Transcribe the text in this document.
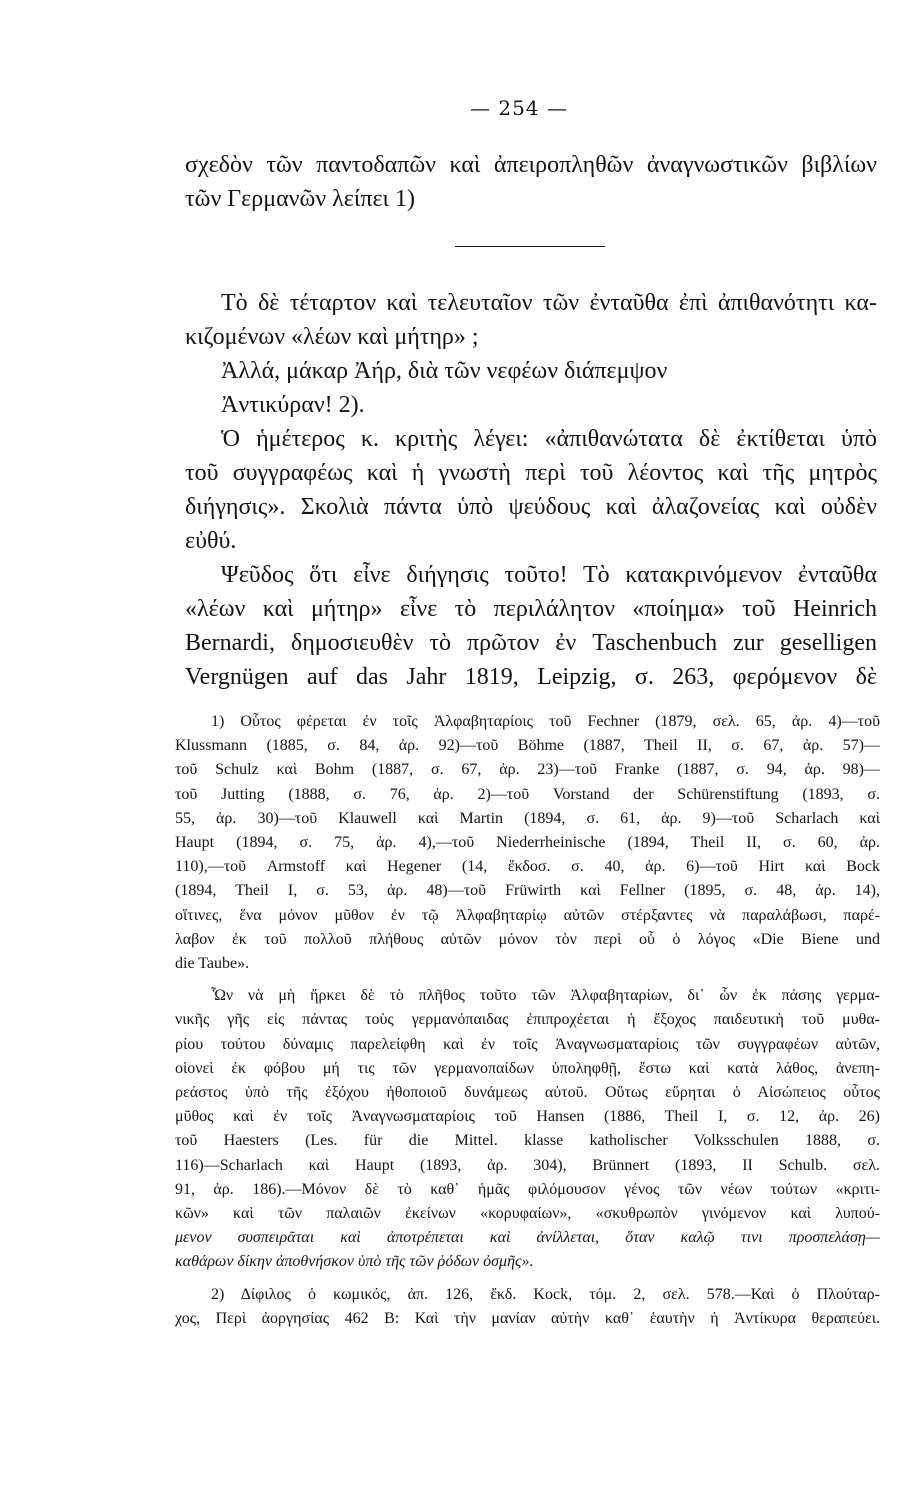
— 254 —
σχεδὸν τῶν παντοδαπῶν καὶ ἀπειροπληθῶν ἀναγνωστικῶν βιβλίων
τῶν Γερμανῶν λείπει 1)
Τὸ δὲ τέταρτον καὶ τελευταῖον τῶν ἐνταῦθα ἐπὶ ἀπιθανότητι κα-
κιζομένων «λέων καὶ μήτηρ» ;
Ἀλλά, μάκαρ Ἀήρ, διὰ τῶν νεφέων διάπεμψον
Ἀντικύραν! 2).
Ὁ ἡμέτερος κ. κριτὴς λέγει: «ἀπιθανώτατα δὲ ἐκτίθεται ὑπὸ
τοῦ συγγραφέως καὶ ἡ γνωστὴ περὶ τοῦ λέοντος καὶ τῆς μητρὸς
διήγησις». Σκολιὰ πάντα ὑπὸ ψεύδους καὶ ἀλαζονείας καὶ οὐδὲν
εὐθύ.
Ψεῦδος ὅτι εἶνε διήγησις τοῦτο! Τὸ κατακρινόμενον ἐνταῦθα
«λέων καὶ μήτηρ» εἶνε τὸ περιλάλητον «ποίημα» τοῦ Heinrich
Bernardi, δημοσιευθὲν τὸ πρῶτον ἐν Taschenbuch zur geselligen
Vergnügen auf das Jahr 1819, Leipzig, σ. 263, φερόμενον δὲ
1) Οὗτος φέρεται ἐν τοῖς Ἀλφαβηταρίοις τοῦ Fechner (1879, σελ. 65, ἀρ. 4)—τοῦ
Klussmann (1885, σ. 84, ἀρ. 92)—τοῦ Böhme (1887, Theil II, σ. 67, ἀρ. 57)—
τοῦ Schulz καὶ Bohm (1887, σ. 67, ἀρ. 23)—τοῦ Franke (1887, σ. 94, ἀρ. 98)—
τοῦ Jutting (1888, σ. 76, ἀρ. 2)—τοῦ Vorstand der Schürenstiftung (1893, σ.
55, ἀρ. 30)—τοῦ Klauwell καὶ Martin (1894, σ. 61, ἀρ. 9)—τοῦ Scharlach καὶ
Haupt (1894, σ. 75, ἀρ. 4),—τοῦ Niederrheinische (1894, Theil II, σ. 60, ἀρ.
110),—τοῦ Armstoff καὶ Hegener (14, ἔκδοσ. σ. 40, ἀρ. 6)—τοῦ Hirt καὶ Bock
(1894, Theil I, σ. 53, ἀρ. 48)—τοῦ Früwirth καὶ Fellner (1895, σ. 48, ἀρ. 14),
οἵτινες, ἕνα μόνον μῦθον ἐν τῷ Ἀλφαβηταρίῳ αὐτῶν στέρξαντες νὰ παραλάβωσι, παρέ-
λαβον ἐκ τοῦ πολλοῦ πλήθους αὐτῶν μόνον τὸν περὶ οὗ ὁ λόγος «Die Biene und
die Taube».
Ὧν νὰ μὴ ἤρκει δὲ τὸ πλῆθος τοῦτο τῶν Ἀλφαβηταρίων, δι᾽ ὧν ἐκ πάσης γερμα-
νικῆς γῆς εἰς πάντας τοὺς γερμανόπαιδας ἐπιπροχέεται ἡ ἔξοχος παιδευτικὴ τοῦ μυθα-
ρίου τούτου δύναμις παρελείφθη καὶ ἐν τοῖς Ἀναγνωσματαρίοις τῶν συγγραφέων αὐτῶν,
οἱονεὶ ἐκ φόβου μή τις τῶν γερμανοπαίδων ὑποληφθῇ, ἔστω καὶ κατὰ λάθος, ἀνεπη-
ρεάστος ὑπὸ τῆς ἐξόχου ἠθοποιοῦ δυνάμεως αὐτοῦ. Οὕτως εὕρηται ὁ Αἰσώπειος οὗτος
μῦθος καὶ ἐν τοῖς Ἀναγνωσματαρίοις τοῦ Hansen (1886, Theil I, σ. 12, ἀρ. 26)
τοῦ Haesters (Les. für die Mittel. klasse katholischer Volksschulen 1888, σ.
116)—Scharlach καὶ Haupt (1893, ἀρ. 304), Brünnert (1893, II Schulb. σελ.
91, ἀρ. 186).—Μόνον δὲ τὸ καθ᾽ ἡμᾶς φιλόμουσον γένος τῶν νέων τούτων «κριτι-
κῶν» καὶ τῶν παλαιῶν ἐκείνων «κορυφαίων», «σκυθρωπὸν γινόμενον καὶ λυπού-
μενον συσπειρᾶται καὶ ἀποτρέπεται καὶ ἀνίλλεται, ὅταν καλῷ τινι προσπελάσῃ—
καθάρων δίκην ἀποθνήσκον ὑπὸ τῆς τῶν ῥόδων ὀσμῆς».
2) Δίφιλος ὁ κωμικός, ἀπ. 126, ἔκδ. Kock, τόμ. 2, σελ. 578.—Καὶ ὁ Πλούταρ-
χος, Περὶ ἀοργησίας 462 Β: Καὶ τὴν μανίαν αὐτὴν καθ᾽ ἑαυτὴν ἡ Ἀντίκυρα θεραπεύει.
